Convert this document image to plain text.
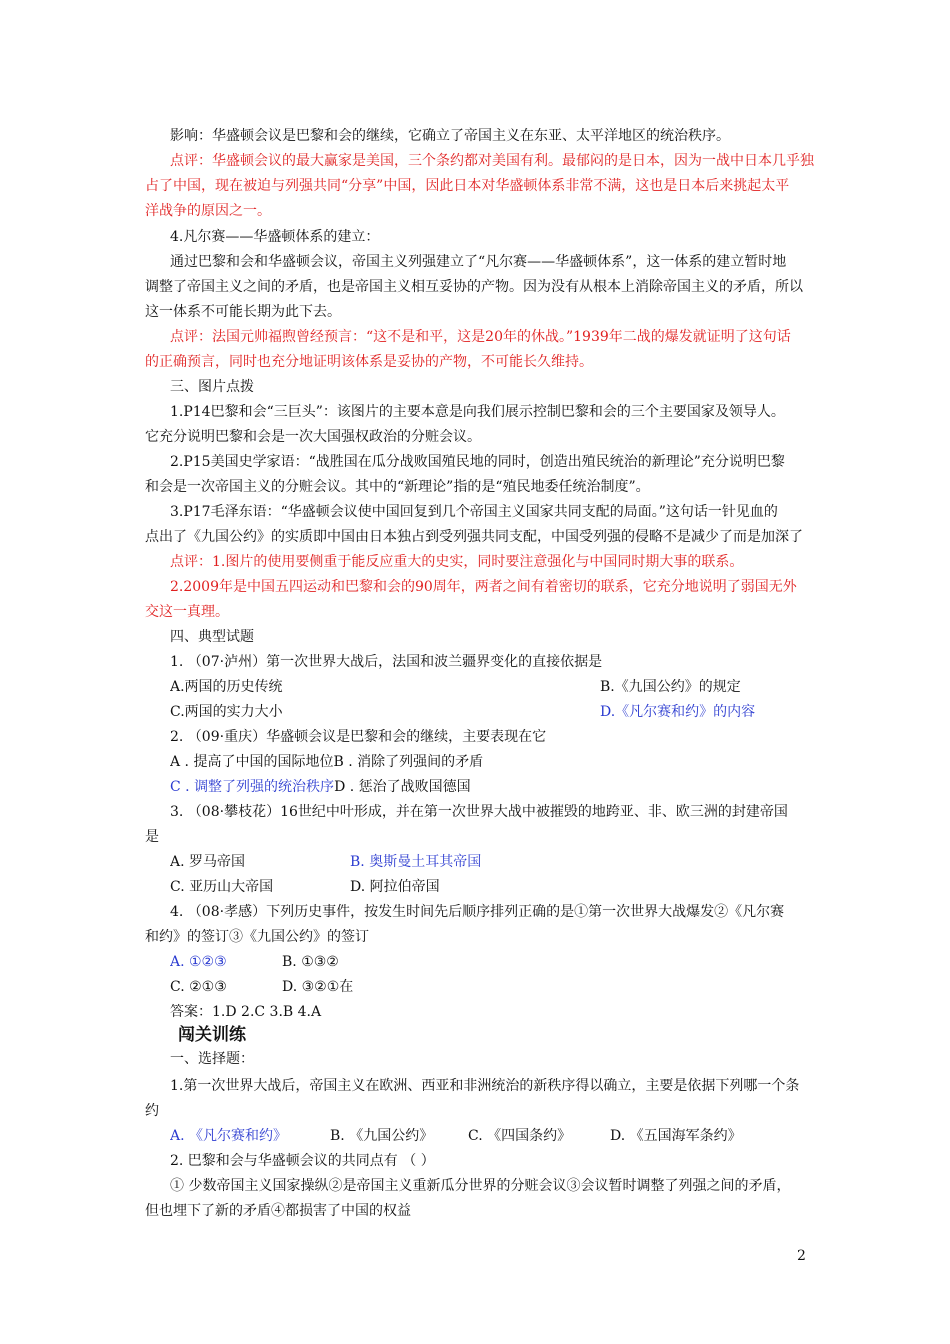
影响：华盛顿会议是巴黎和会的继续，它确立了帝国主义在东亚、太平洋地区的统治秩序。
点评：华盛顿会议的最大赢家是美国，三个条约都对美国有利。最郁闷的是日本，因为一战中日本几乎独
占了中国，现在被迫与列强共同“分享”中国，因此日本对华盛顿体系非常不满，这也是日本后来挑起太平
洋战争的原因之一。
4.凡尔赛——华盛顿体系的建立：
通过巴黎和会和华盛顿会议，帝国主义列强建立了“凡尔赛——华盛顿体系”，这一体系的建立暂时地
调整了帝国主义之间的矛盾，也是帝国主义相互妥协的产物。因为没有从根本上消除帝国主义的矛盾，所以
这一体系不可能长期为此下去。
点评：法国元帅福煦曾经预言：“这不是和平，这是20年的休战。”1939年二战的爆发就证明了这句话
的正确预言，同时也充分地证明该体系是妥协的产物，不可能长久维持。
三、图片点拨
1.P14巴黎和会“三巨头”：该图片的主要本意是向我们展示控制巴黎和会的三个主要国家及领导人。
它充分说明巴黎和会是一次大国强权政治的分赃会议。
2.P15美国史学家语：“战胜国在瓜分战败国殖民地的同时，创造出殖民统治的新理论”充分说明巴黎
和会是一次帝国主义的分赃会议。其中的“新理论”指的是“殖民地委任统治制度”。
3.P17毛泽东语：“华盛顿会议使中国回复到几个帝国主义国家共同支配的局面。”这句话一针见血的
点出了《九国公约》的实质即中国由日本独占到受列强共同支配，中国受列强的侵略不是减少了而是加深了
点评：1.图片的使用要侧重于能反应重大的史实，同时要注意强化与中国同时期大事的联系。
2.2009年是中国五四运动和巴黎和会的90周年，两者之间有着密切的联系，它充分地说明了弱国无外
交这一真理。
四、典型试题
1. （07·泸州）第一次世界大战后，法国和波兰疆界变化的直接依据是
A.两国的历史传统	B.《九国公约》的规定
C.两国的实力大小	D.《凡尔赛和约》的内容
2. （09·重庆）华盛顿会议是巴黎和会的继续，主要表现在它
A . 提高了中国的国际地位B . 消除了列强间的矛盾
C . 调整了列强的统治秩序D . 惩治了战败国德国
3. （08·攀枝花）16世纪中叶形成，并在第一次世界大战中被摧毁的地跨亚、非、欧三洲的封建帝国
是
A. 罗马帝国	B. 奥斯曼土耳其帝国
C. 亚历山大帝国	D. 阿拉伯帝国
4. （08·孝感）下列历史事件，按发生时间先后顺序排列正确的是①第一次世界大战爆发②《凡尔赛
和约》的签订③《九国公约》的签订
A. ①②③	B. ①③②
C. ②①③	D. ③②①在
答案：1.D 2.C 3.B 4.A
闯关训练
一、选择题：
1.第一次世界大战后，帝国主义在欧洲、西亚和非洲统治的新秩序得以确立，主要是依据下列哪一个条
约
A. 《凡尔赛和约》	B. 《九国公约》 C. 《四国条约》	D. 《五国海军条约》
2. 巴黎和会与华盛顿会议的共同点有 （ ）
① 少数帝国主义国家操纵②是帝国主义重新瓜分世界的分赃会议③会议暂时调整了列强之间的矛盾，
但也埋下了新的矛盾④都损害了中国的权益
2
